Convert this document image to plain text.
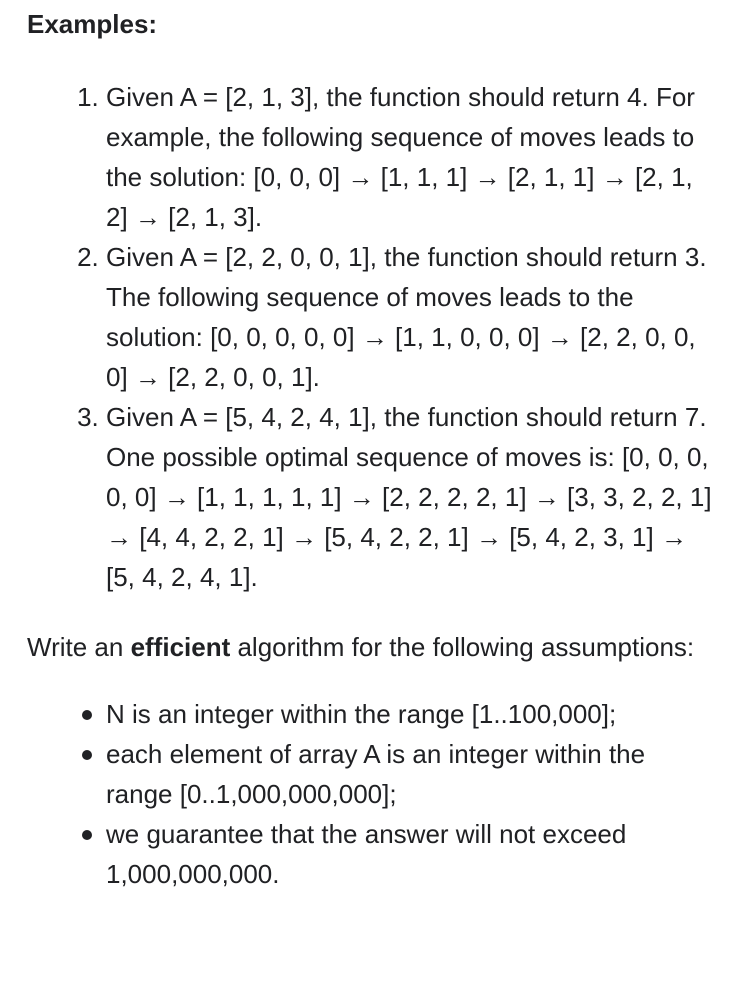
Examples:

1. Given A = [2, 1, 3], the function should return 4. For example, the following sequence of moves leads to the solution: [0, 0, 0] → [1, 1, 1] → [2, 1, 1] → [2, 1, 2] → [2, 1, 3].
2. Given A = [2, 2, 0, 0, 1], the function should return 3. The following sequence of moves leads to the solution: [0, 0, 0, 0, 0] → [1, 1, 0, 0, 0] → [2, 2, 0, 0, 0] → [2, 2, 0, 0, 1].
3. Given A = [5, 4, 2, 4, 1], the function should return 7. One possible optimal sequence of moves is: [0, 0, 0, 0, 0] → [1, 1, 1, 1, 1] → [2, 2, 2, 2, 1] → [3, 3, 2, 2, 1] → [4, 4, 2, 2, 1] → [5, 4, 2, 2, 1] → [5, 4, 2, 3, 1] → [5, 4, 2, 4, 1].

Write an efficient algorithm for the following assumptions:

N is an integer within the range [1..100,000];
each element of array A is an integer within the range [0..1,000,000,000];
we guarantee that the answer will not exceed 1,000,000,000.
